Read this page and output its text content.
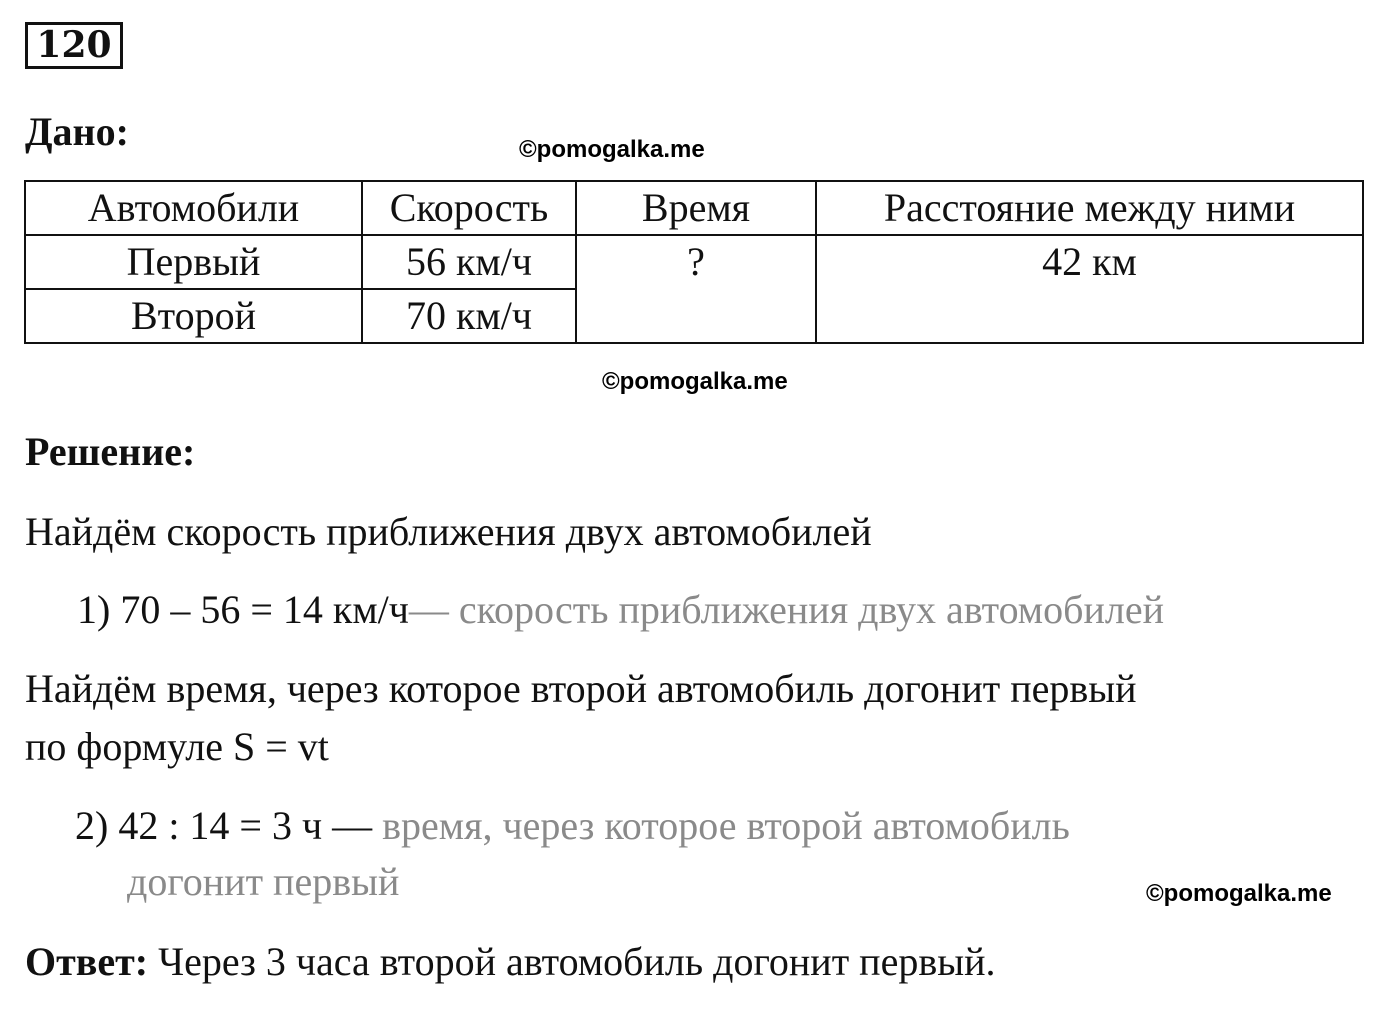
120
Дано:	©pomogalka.me
Автомобили	Скорость	Время	Расстояние между ними
Первый	56 км/ч	?	42 км
Второй	70 км/ч		
©pomogalka.me
Решение:
Найдём скорость приближения двух автомобилей
1) 70 – 56 = 14 км/ч— скорость приближения двух автомобилей
Найдём время, через которое второй автомобиль догонит первый
по формуле S = vt
2) 42 : 14 = 3 ч — время, через которое второй автомобиль
догонит первый	©pomogalka.me
Ответ: Через 3 часа второй автомобиль догонит первый.
